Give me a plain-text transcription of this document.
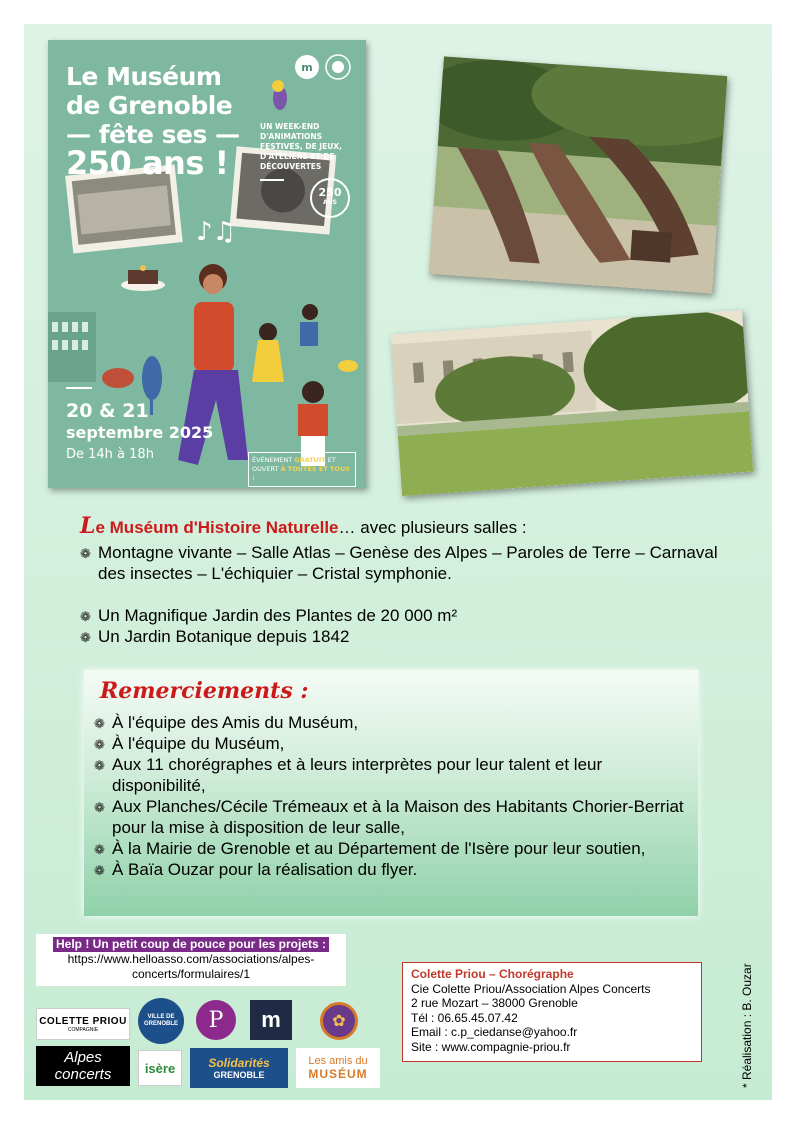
♪♫
m
Le Muséum
de Grenoble
— fête ses —
250 ans !
UN WEEK-END D'ANIMATIONS FESTIVES, DE JEUX, D'ATELIERS ET DE DÉCOUVERTES
250
ANS
20 & 21
septembre 2025
De 14h à 18h	ÉVÉNEMENT GRATUIT ET OUVERT À TOUTES ET TOUS !
Le Muséum d'Histoire Naturelle… avec plusieurs salles :
❁ Montagne vivante – Salle Atlas – Genèse des Alpes – Paroles de Terre – Carnaval des insectes – L'échiquier – Cristal symphonie.
❁ Un Magnifique Jardin des Plantes de 20 000 m²
❁ Un Jardin Botanique depuis 1842
Remerciements :
❁ À l'équipe des Amis du Muséum,
❁ À l'équipe du Muséum,
❁ Aux 11 chorégraphes et à leurs interprètes pour leur talent et leur disponibilité,
❁ Aux Planches/Cécile Trémeaux et à la Maison des Habitants Chorier-Berriat pour la mise à disposition de leur salle,
❁ À la Mairie de Grenoble et au Département de l'Isère pour leur soutien,
❁ À Baïa Ouzar pour la réalisation du flyer.
Help ! Un petit coup de pouce pour les projets :
https://www.helloasso.com/associations/alpes-concerts/formulaires/1	Colette Priou – Chorégraphe
Cie Colette Priou/Association Alpes Concerts
2 rue Mozart – 38000 Grenoble
Tél : 06.65.45.07.42
Email : c.p_ciedanse@yahoo.fr
Site : www.compagnie-priou.fr	* Réalisation : B. Ouzar
COLETTE PRIOU
COMPAGNIE
VILLE DE GRENOBLE	P	m	✿
Alpes concerts	isère	Solidarités
GRENOBLE
Les amis du
MUSÉUM
